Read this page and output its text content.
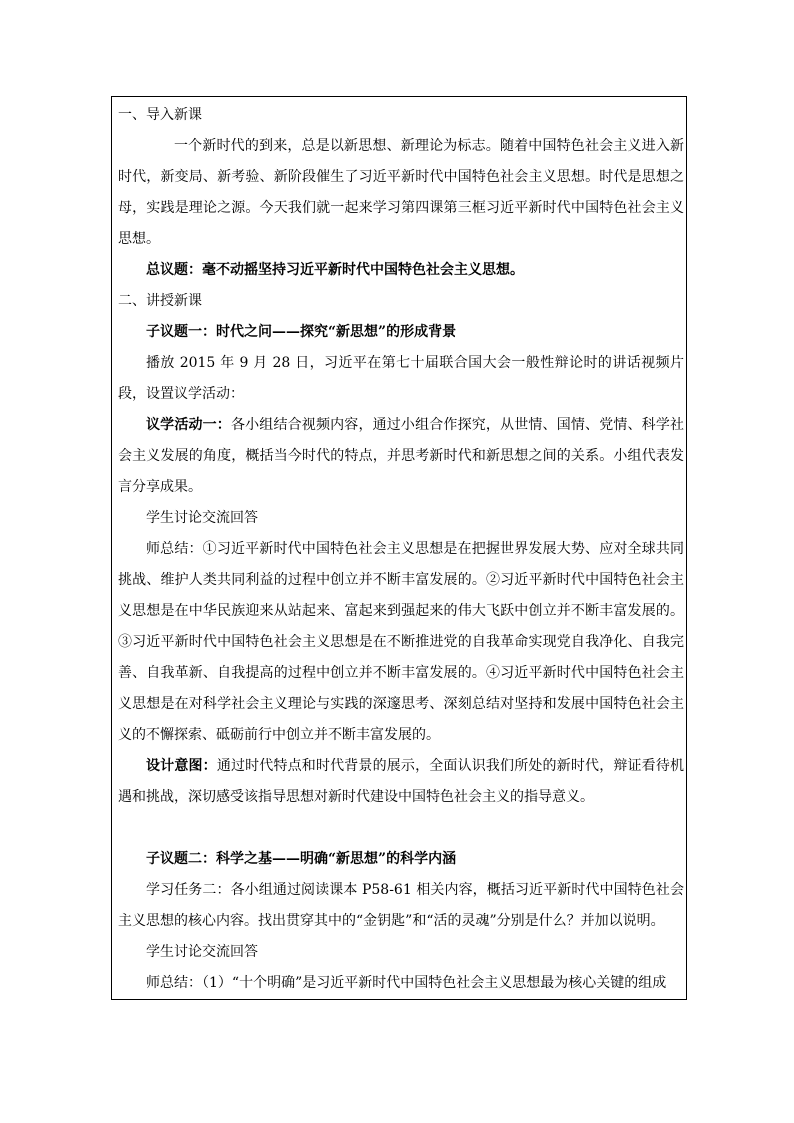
一、导入新课

一个新时代的到来，总是以新思想、新理论为标志。随着中国特色社会主义进入新时代，新变局、新考验、新阶段催生了习近平新时代中国特色社会主义思想。时代是思想之母，实践是理论之源。今天我们就一起来学习第四课第三框习近平新时代中国特色社会主义思想。

总议题：毫不动摇坚持习近平新时代中国特色社会主义思想。

二、讲授新课

子议题一：时代之问——探究“新思想”的形成背景

播放 2015 年 9 月 28 日，习近平在第七十届联合国大会一般性辩论时的讲话视频片段，设置议学活动：

议学活动一：各小组结合视频内容，通过小组合作探究，从世情、国情、党情、科学社会主义发展的角度，概括当今时代的特点，并思考新时代和新思想之间的关系。小组代表发言分享成果。

学生讨论交流回答

师总结：①习近平新时代中国特色社会主义思想是在把握世界发展大势、应对全球共同挑战、维护人类共同利益的过程中创立并不断丰富发展的。②习近平新时代中国特色社会主义思想是在中华民族迎来从站起来、富起来到强起来的伟大飞跃中创立并不断丰富发展的。③习近平新时代中国特色社会主义思想是在不断推进党的自我革命实现党自我净化、自我完善、自我革新、自我提高的过程中创立并不断丰富发展的。④习近平新时代中国特色社会主义思想是在对科学社会主义理论与实践的深邃思考、深刻总结对坚持和发展中国特色社会主义的不懈探索、砥砺前行中创立并不断丰富发展的。

设计意图：通过时代特点和时代背景的展示，全面认识我们所处的新时代，辩证看待机遇和挑战，深切感受该指导思想对新时代建设中国特色社会主义的指导意义。

子议题二：科学之基——明确“新思想”的科学内涵

学习任务二：各小组通过阅读课本 P58-61 相关内容，概括习近平新时代中国特色社会主义思想的核心内容。找出贯穿其中的“金钥匙”和“活的灵魂”分别是什么？并加以说明。

学生讨论交流回答

师总结：（1）“十个明确”是习近平新时代中国特色社会主义思想最为核心关键的组成
